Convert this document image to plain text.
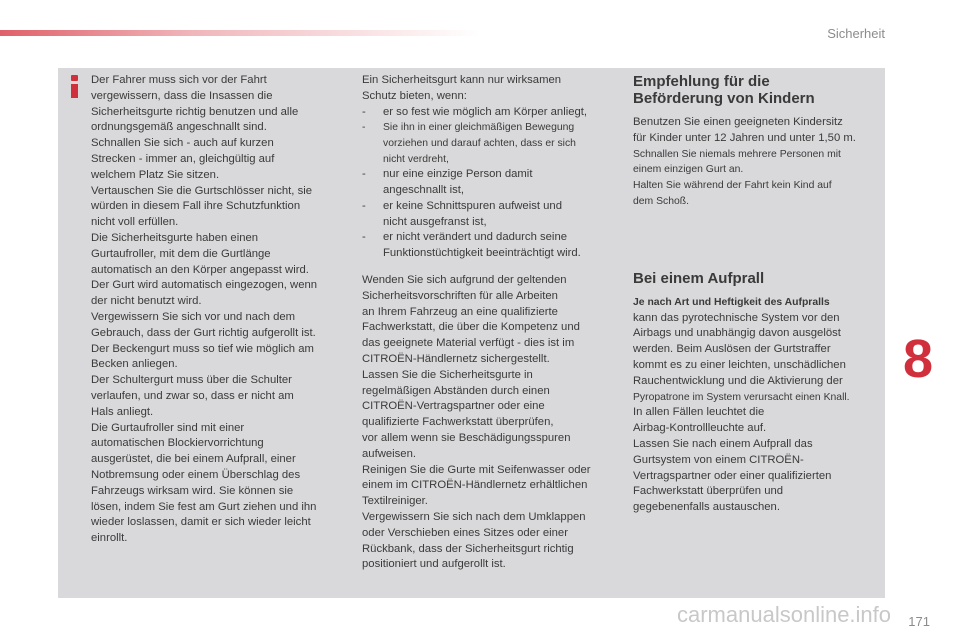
Sicherheit

Der Fahrer muss sich vor der Fahrt

vergewissern, dass die Insassen die

Sicherheitsgurte richtig benutzen und alle

ordnungsgemäß angeschnallt sind.

Schnallen Sie sich - auch auf kurzen

Strecken - immer an, gleichgültig auf

welchem Platz Sie sitzen.

Vertauschen Sie die Gurtschlösser nicht, sie

würden in diesem Fall ihre Schutzfunktion

nicht voll erfüllen.

Die Sicherheitsgurte haben einen

Gurtaufroller, mit dem die Gurtlänge

automatisch an den Körper angepasst wird.

Der Gurt wird automatisch eingezogen, wenn

der nicht benutzt wird.

Vergewissern Sie sich vor und nach dem

Gebrauch, dass der Gurt richtig aufgerollt ist.

Der Beckengurt muss so tief wie möglich am

Becken anliegen.

Der Schultergurt muss über die Schulter

verlaufen, und zwar so, dass er nicht am

Hals anliegt.

Die Gurtaufroller sind mit einer

automatischen Blockiervorrichtung

ausgerüstet, die bei einem Aufprall, einer

Notbremsung oder einem Überschlag des

Fahrzeugs wirksam wird. Sie können sie

lösen, indem Sie fest am Gurt ziehen und ihn

wieder loslassen, damit er sich wieder leicht

einrollt.

Ein Sicherheitsgurt kann nur wirksamen

Schutz bieten, wenn:

- er so fest wie möglich am Körper anliegt,

- Sie ihn in einer gleichmäßigen Bewegung

vorziehen und darauf achten, dass er sich

nicht verdreht,

- nur eine einzige Person damit

angeschnallt ist,

- er keine Schnittspuren aufweist und

nicht ausgefranst ist,

- er nicht verändert und dadurch seine

Funktionstüchtigkeit beeinträchtigt wird.

Wenden Sie sich aufgrund der geltenden

Sicherheitsvorschriften für alle Arbeiten

an Ihrem Fahrzeug an eine qualifizierte

Fachwerkstatt, die über die Kompetenz und

das geeignete Material verfügt - dies ist im

CITROËN-Händlernetz sichergestellt.

Lassen Sie die Sicherheitsgurte in

regelmäßigen Abständen durch einen

CITROËN-Vertragspartner oder eine

qualifizierte Fachwerkstatt überprüfen,

vor allem wenn sie Beschädigungsspuren

aufweisen.

Reinigen Sie die Gurte mit Seifenwasser oder

einem im CITROËN-Händlernetz erhältlichen

Textilreiniger.

Vergewissern Sie sich nach dem Umklappen

oder Verschieben eines Sitzes oder einer

Rückbank, dass der Sicherheitsgurt richtig

positioniert und aufgerollt ist.

Empfehlung für die
Beförderung von Kindern

Benutzen Sie einen geeigneten Kindersitz

für Kinder unter 12 Jahren und unter 1,50 m.

Schnallen Sie niemals mehrere Personen mit

einem einzigen Gurt an.

Halten Sie während der Fahrt kein Kind auf

dem Schoß.

Bei einem Aufprall

Je nach Art und Heftigkeit des Aufpralls

kann das pyrotechnische System vor den

Airbags und unabhängig davon ausgelöst

werden. Beim Auslösen der Gurtstraffer

kommt es zu einer leichten, unschädlichen

Rauchentwicklung und die Aktivierung der

Pyropatrone im System verursacht einen Knall.

In allen Fällen leuchtet die

Airbag-Kontrollleuchte auf.

Lassen Sie nach einem Aufprall das

Gurtsystem von einem CITROËN-

Vertragspartner oder einer qualifizierten

Fachwerkstatt überprüfen und

gegebenenfalls austauschen.

8
carmanualsonline.info 171
